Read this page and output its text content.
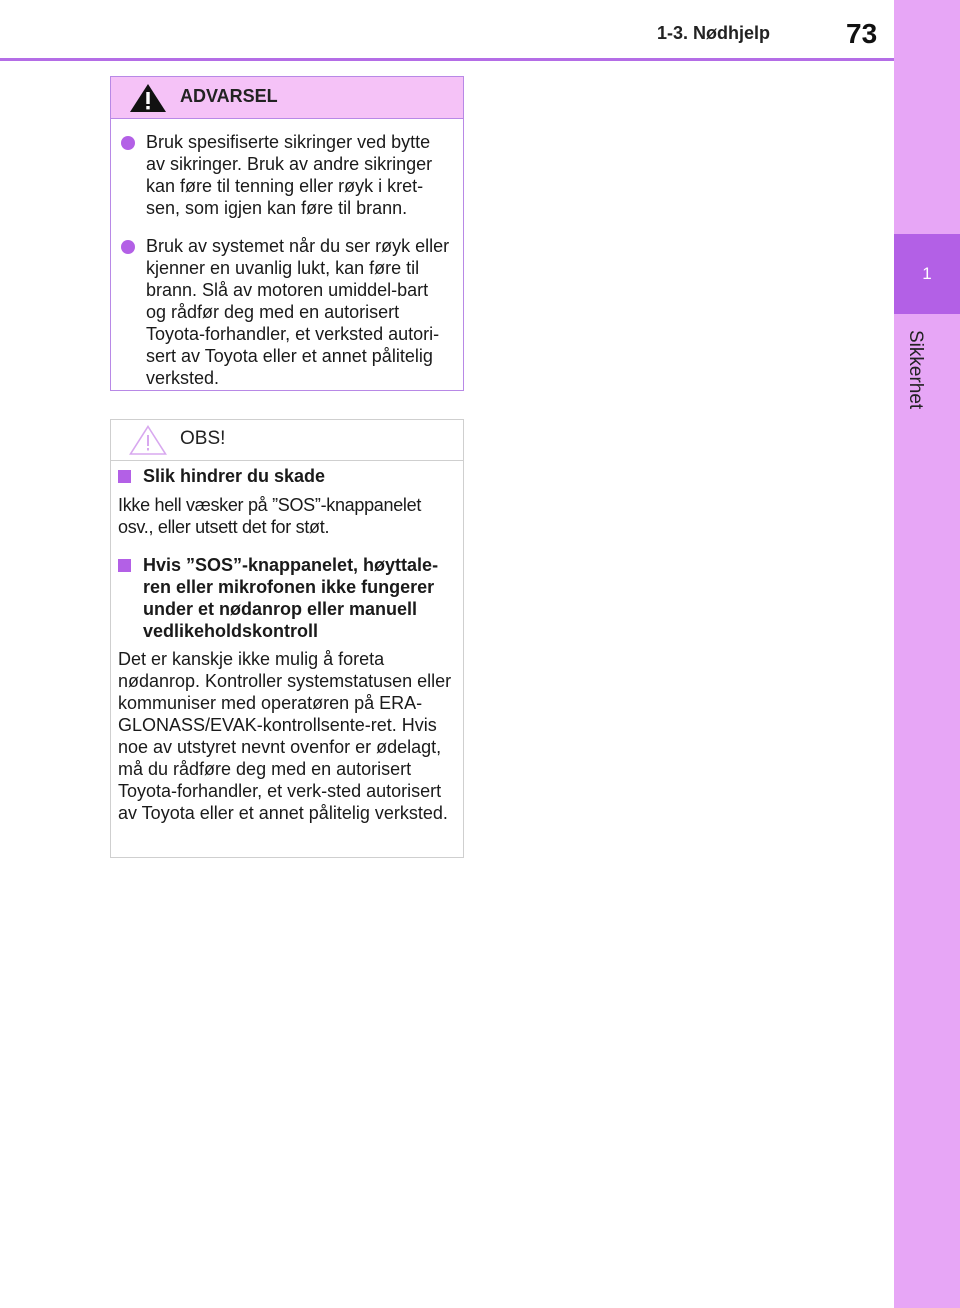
1
Sikkerhet
1-3. Nødhjelp	73
ADVARSEL
Bruk spesifiserte sikringer ved bytte av sikringer. Bruk av andre sikringer kan føre til tenning eller røyk i kret-sen, som igjen kan føre til brann.
Bruk av systemet når du ser røyk eller kjenner en uvanlig lukt, kan føre til brann. Slå av motoren umiddel-bart og rådfør deg med en autorisert Toyota-forhandler, et verksted autori-sert av Toyota eller et annet pålitelig verksted.
OBS!
Slik hindrer du skade
Ikke hell væsker på ”SOS”-knappanelet osv., eller utsett det for støt.
Hvis ”SOS”-knappanelet, høyttale-ren eller mikrofonen ikke fungerer under et nødanrop eller manuell vedlikeholdskontroll
Det er kanskje ikke mulig å foreta nødanrop. Kontroller systemstatusen eller kommuniser med operatøren på ERA-GLONASS/EVAK-kontrollsente-ret. Hvis noe av utstyret nevnt ovenfor er ødelagt, må du rådføre deg med en autorisert Toyota-forhandler, et verk-sted autorisert av Toyota eller et annet pålitelig verksted.
